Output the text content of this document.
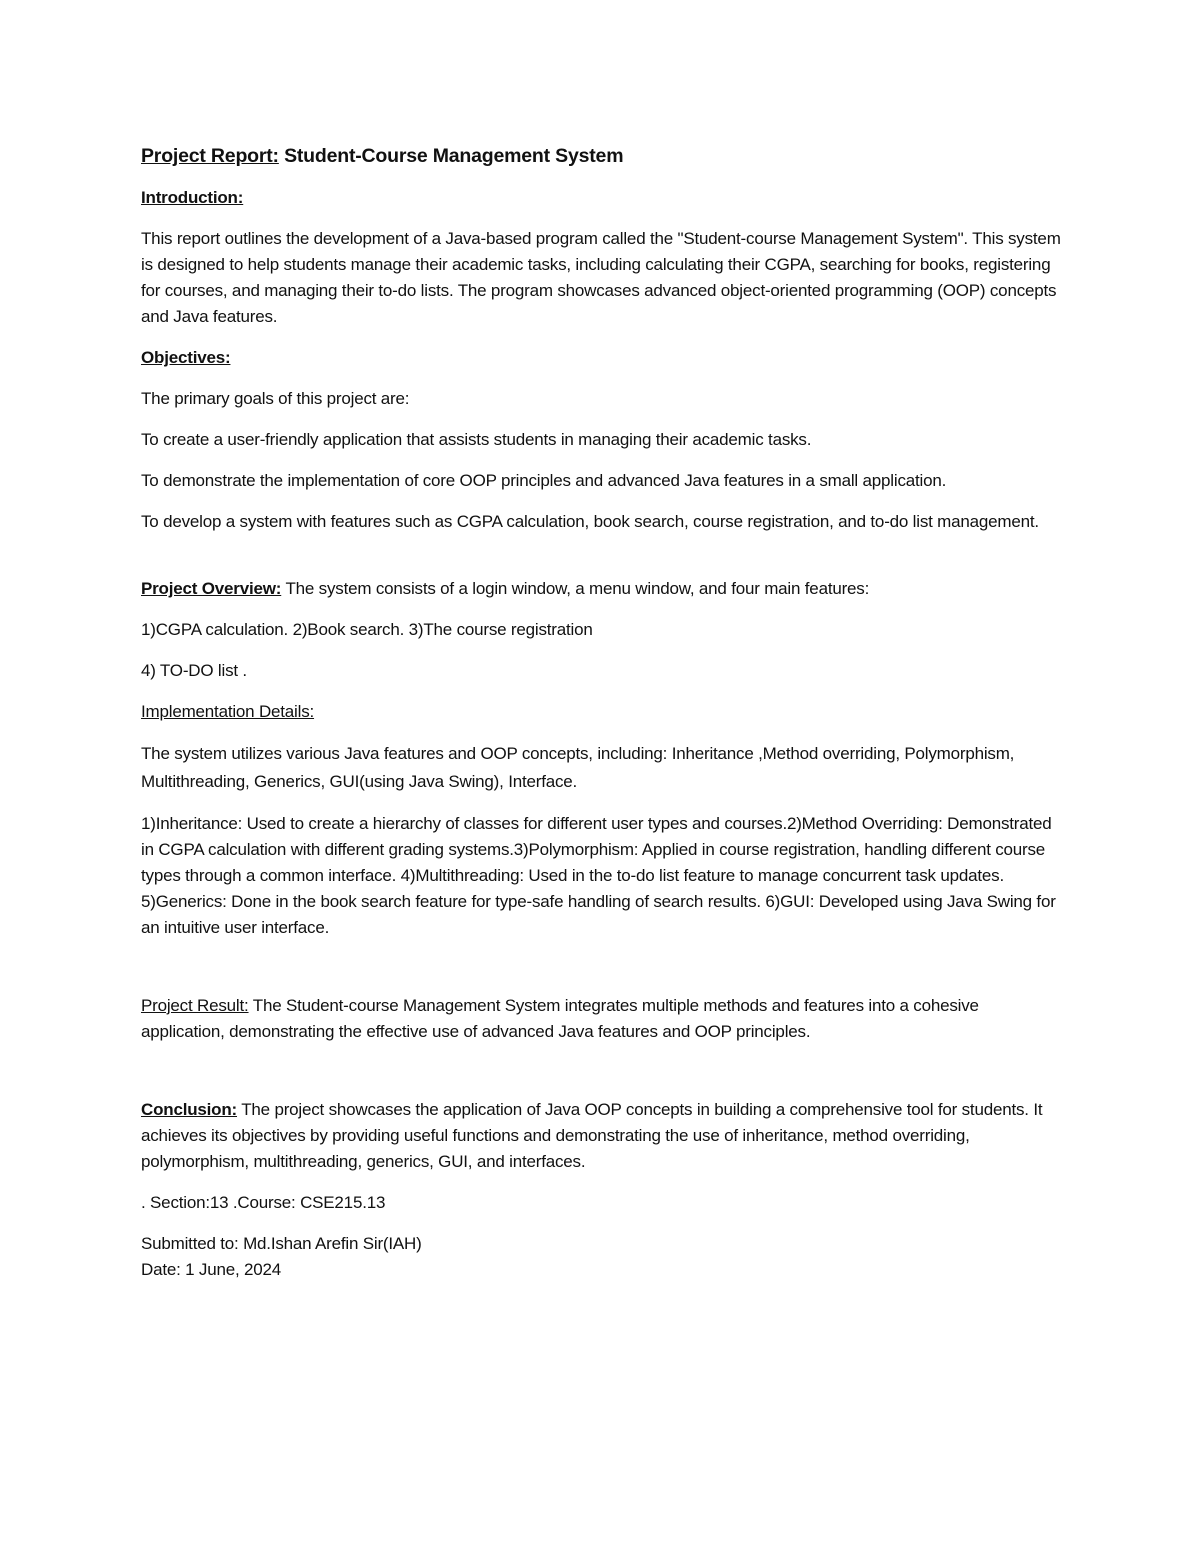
Project Report: Student-Course Management System

Introduction:

This report outlines the development of a Java-based program called the "Student-course Management System". This system is designed to help students manage their academic tasks, including calculating their CGPA, searching for books, registering for courses, and managing their to-do lists. The program showcases advanced object-oriented programming (OOP) concepts and Java features.

Objectives:

The primary goals of this project are:

To create a user-friendly application that assists students in managing their academic tasks.

To demonstrate the implementation of core OOP principles and advanced Java features in a small application.

To develop a system with features such as CGPA calculation, book search, course registration, and to-do list management.

Project Overview: The system consists of a login window, a menu window, and four main features:

1)CGPA calculation. 2)Book search. 3)The course registration

4) TO-DO list .

Implementation Details:

The system utilizes various Java features and OOP concepts, including: Inheritance ,Method overriding, Polymorphism, Multithreading, Generics, GUI(using Java Swing), Interface.

1)Inheritance: Used to create a hierarchy of classes for different user types and courses.2)Method Overriding: Demonstrated in CGPA calculation with different grading systems.3)Polymorphism: Applied in course registration, handling different course types through a common interface. 4)Multithreading: Used in the to-do list feature to manage concurrent task updates. 5)Generics: Done in the book search feature for type-safe handling of search results. 6)GUI: Developed using Java Swing for an intuitive user interface.

Project Result: The Student-course Management System integrates multiple methods and features into a cohesive application, demonstrating the effective use of advanced Java features and OOP principles.

Conclusion: The project showcases the application of Java OOP concepts in building a comprehensive tool for students. It achieves its objectives by providing useful functions and demonstrating the use of inheritance, method overriding, polymorphism, multithreading, generics, GUI, and interfaces.

. Section:13 .Course: CSE215.13

Submitted to: Md.Ishan Arefin Sir(IAH)

Date: 1 June, 2024
